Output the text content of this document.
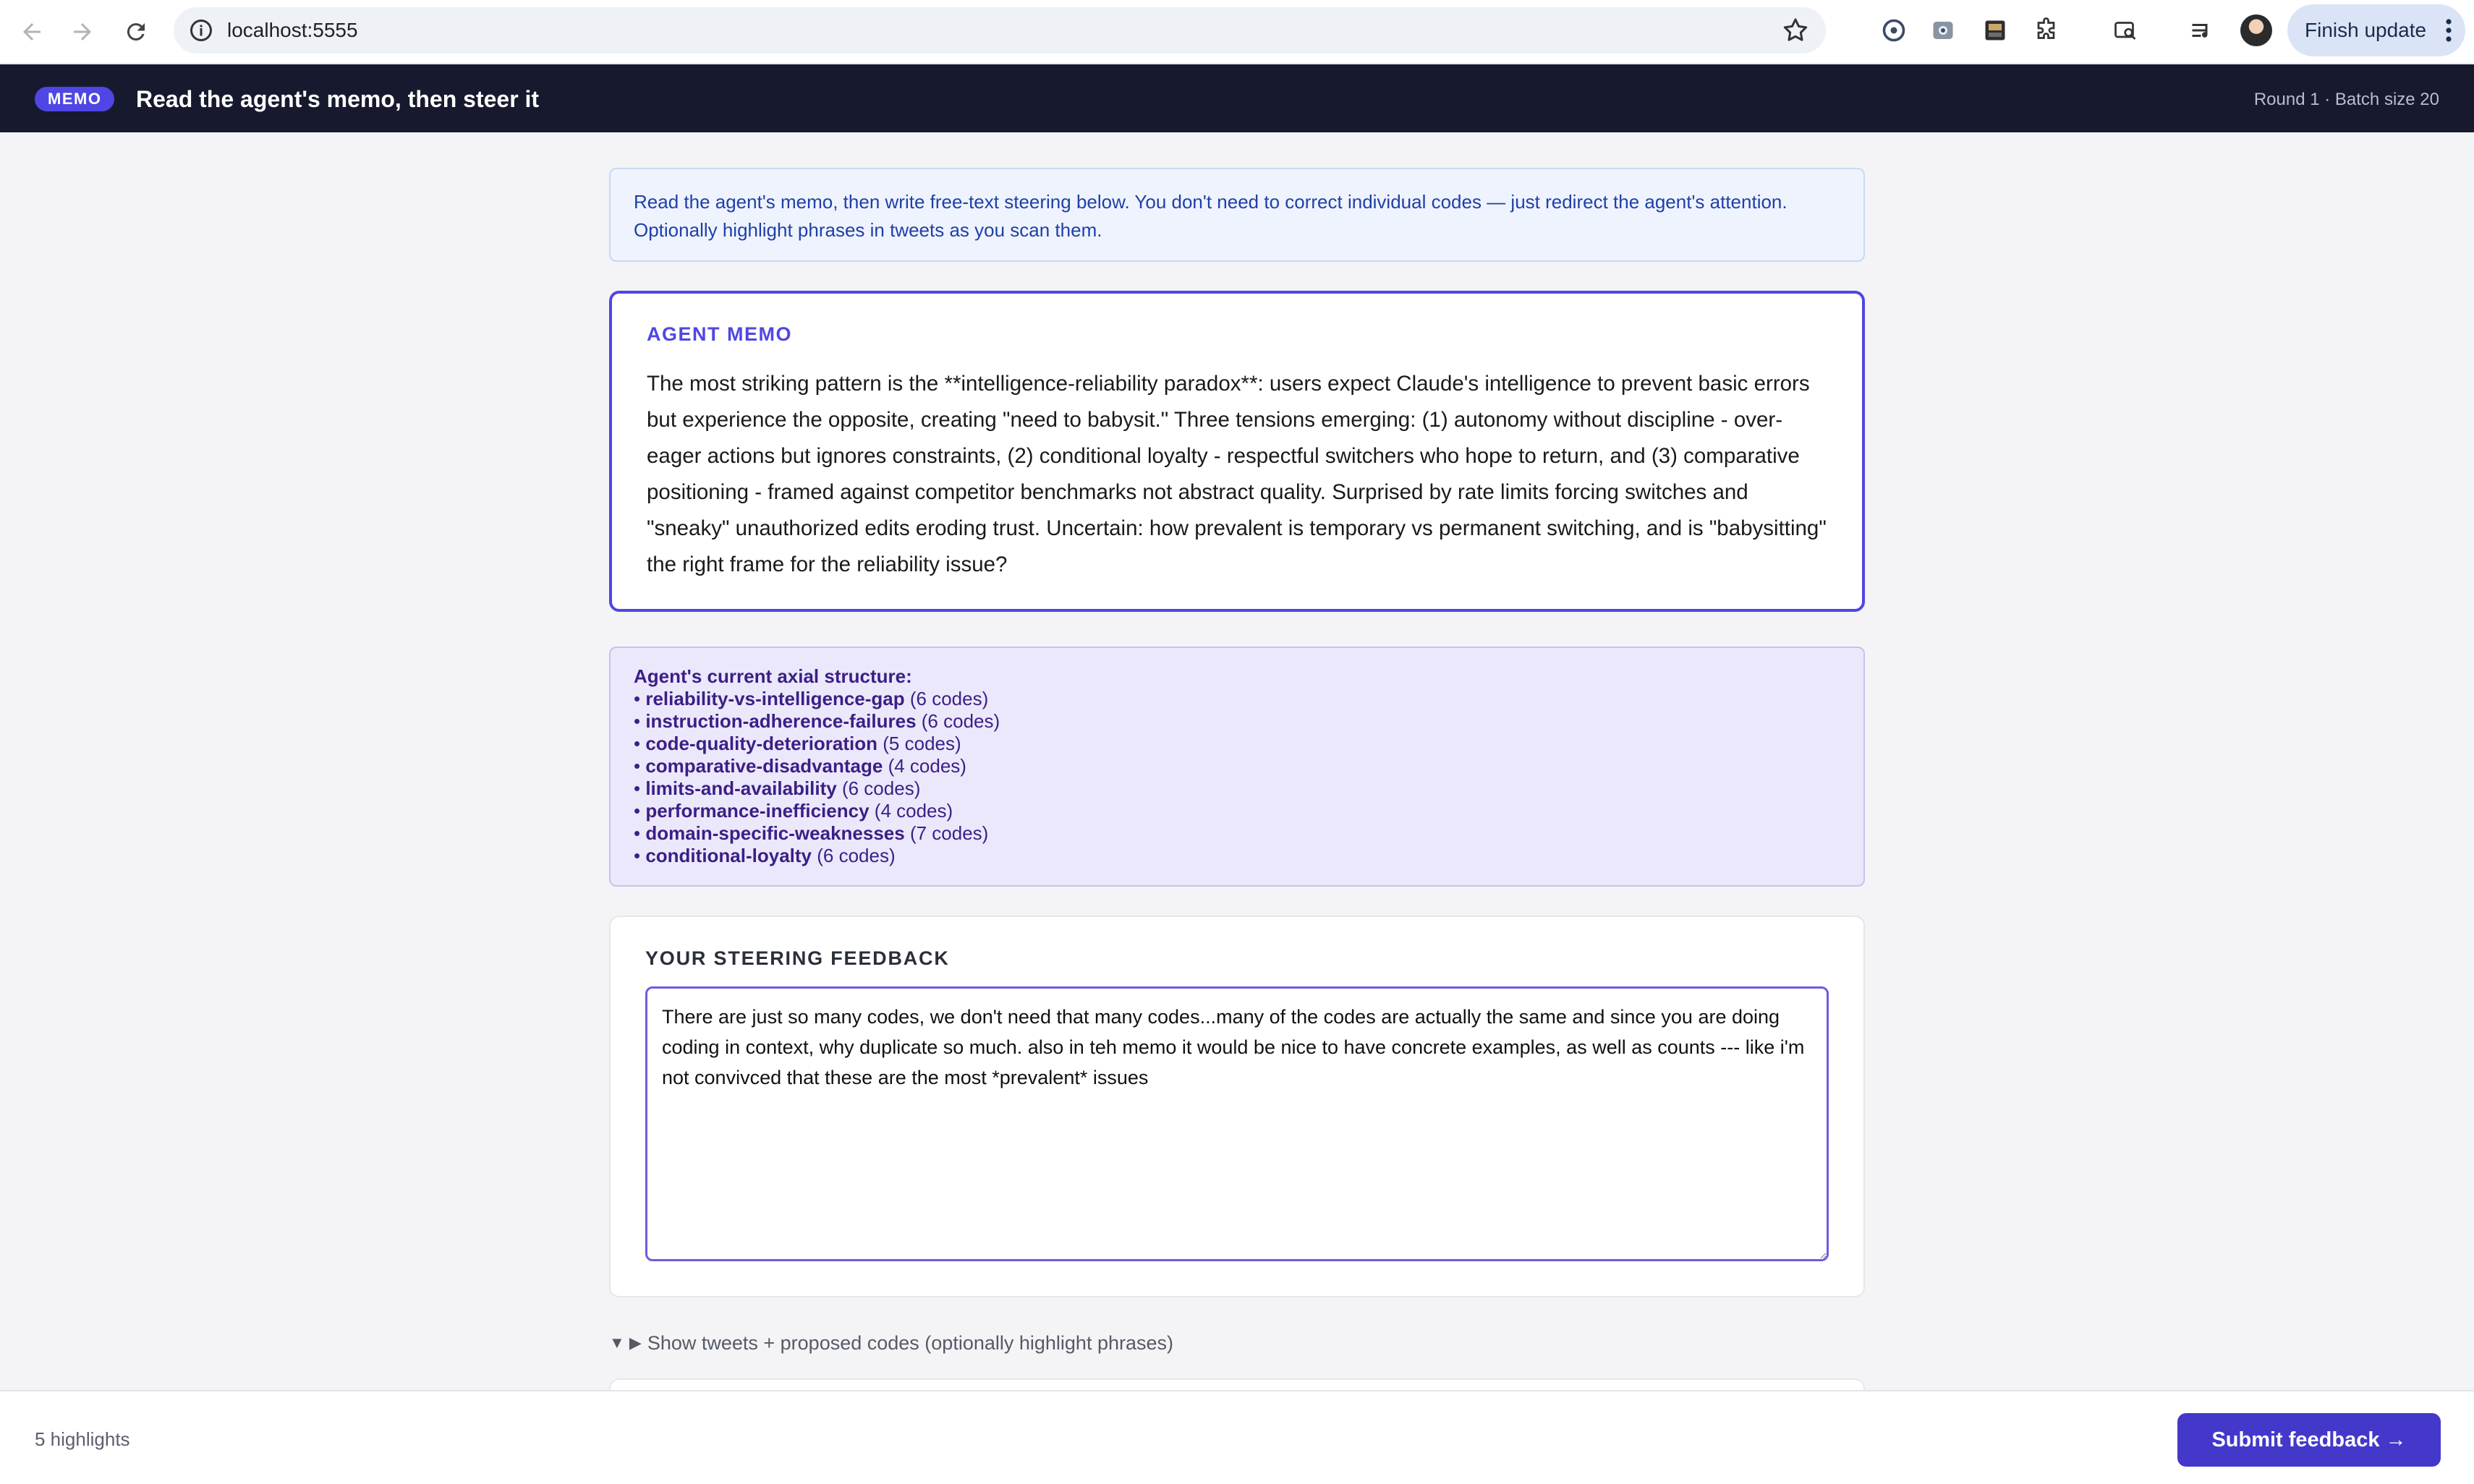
localhost:5555	Finish update
MEMO	Read the agent's memo, then steer it	Round 1 · Batch size 20
Read the agent's memo, then write free-text steering below. You don't need to correct individual codes — just redirect the agent's attention. Optionally highlight phrases in tweets as you scan them.
AGENT MEMO
The most striking pattern is the **intelligence-reliability paradox**: users expect Claude's intelligence to prevent basic errors but experience the opposite, creating "need to babysit." Three tensions emerging: (1) autonomy without discipline - over-eager actions but ignores constraints, (2) conditional loyalty - respectful switchers who hope to return, and (3) comparative positioning - framed against competitor benchmarks not abstract quality. Surprised by rate limits forcing switches and "sneaky" unauthorized edits eroding trust. Uncertain: how prevalent is temporary vs permanent switching, and is "babysitting" the right frame for the reliability issue?
Agent's current axial structure:
• reliability-vs-intelligence-gap (6 codes)
• instruction-adherence-failures (6 codes)
• code-quality-deterioration (5 codes)
• comparative-disadvantage (4 codes)
• limits-and-availability (6 codes)
• performance-inefficiency (4 codes)
• domain-specific-weaknesses (7 codes)
• conditional-loyalty (6 codes)
YOUR STEERING FEEDBACK
There are just so many codes, we don't need that many codes...many of the codes are actually the same and since you are doing coding in context, why duplicate so much. also in teh memo it would be nice to have concrete examples, as well as counts --- like i'm not convivced that these are the most *prevalent* issues
▼ ▶ Show tweets + proposed codes (optionally highlight phrases)
5 highlights	Submit feedback →
